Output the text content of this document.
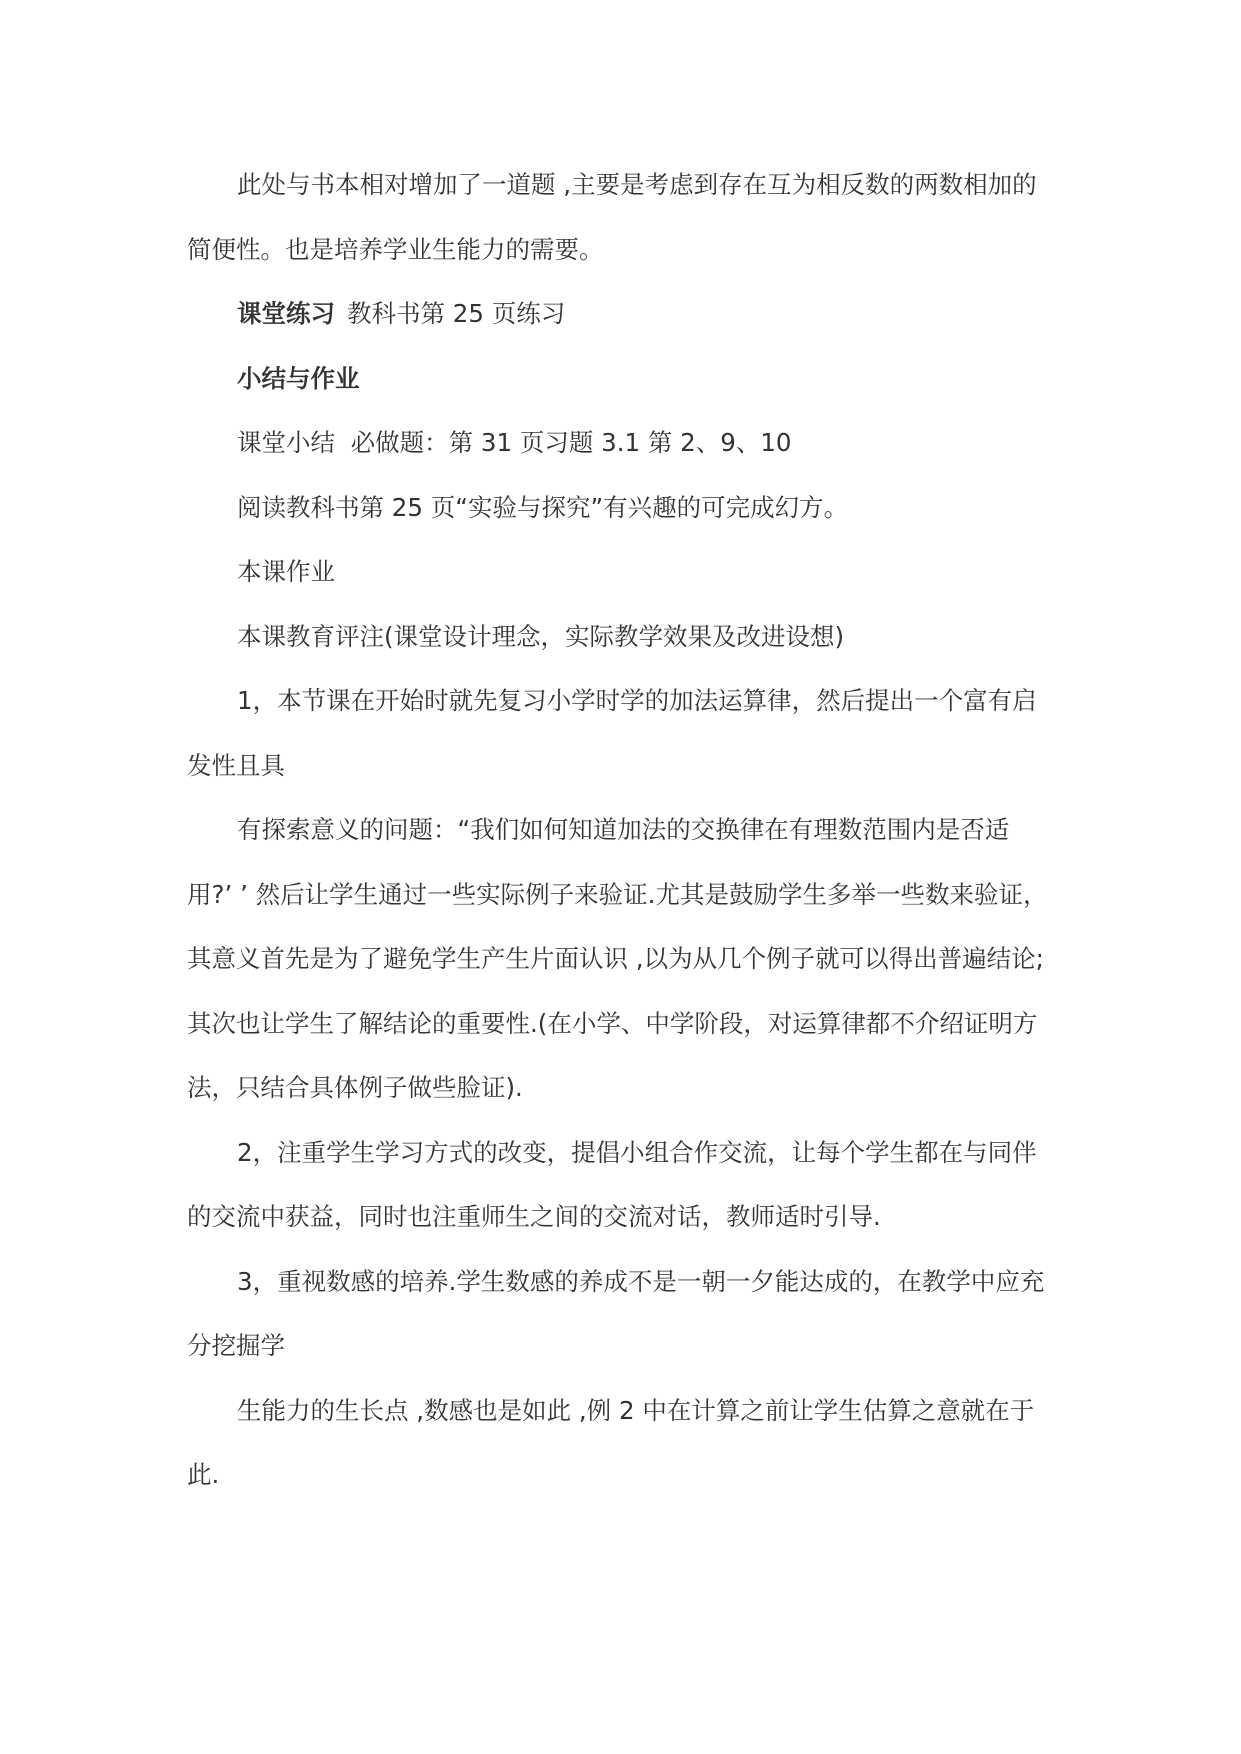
此处与书本相对增加了一道题 ,主要是考虑到存在互为相反数的两数相加的
简便性。也是培养学业生能力的需要。
课堂练习 教科书第 25 页练习
小结与作业
课堂小结  必做题：第 31 页习题 3.1 第 2、9、10
阅读教科书第 25 页“实验与探究”有兴趣的可完成幻方。
本课作业
本课教育评注(课堂设计理念，实际教学效果及改进设想)
1，本节课在开始时就先复习小学时学的加法运算律，然后提出一个富有启
发性且具
有探索意义的问题：“我们如何知道加法的交换律在有理数范围内是否适
用?’ ’ 然后让学生通过一些实际例子来验证.尤其是鼓励学生多举一些数来验证，
其意义首先是为了避免学生产生片面认识 ,以为从几个例子就可以得出普遍结论;
其次也让学生了解结论的重要性.(在小学、中学阶段，对运算律都不介绍证明方
法，只结合具体例子做些脸证).
2，注重学生学习方式的改变，提倡小组合作交流，让每个学生都在与同伴
的交流中获益，同时也注重师生之间的交流对话，教师适时引导.
3，重视数感的培养.学生数感的养成不是一朝一夕能达成的，在教学中应充
分挖掘学
生能力的生长点 ,数感也是如此 ,例 2 中在计算之前让学生估算之意就在于
此.
